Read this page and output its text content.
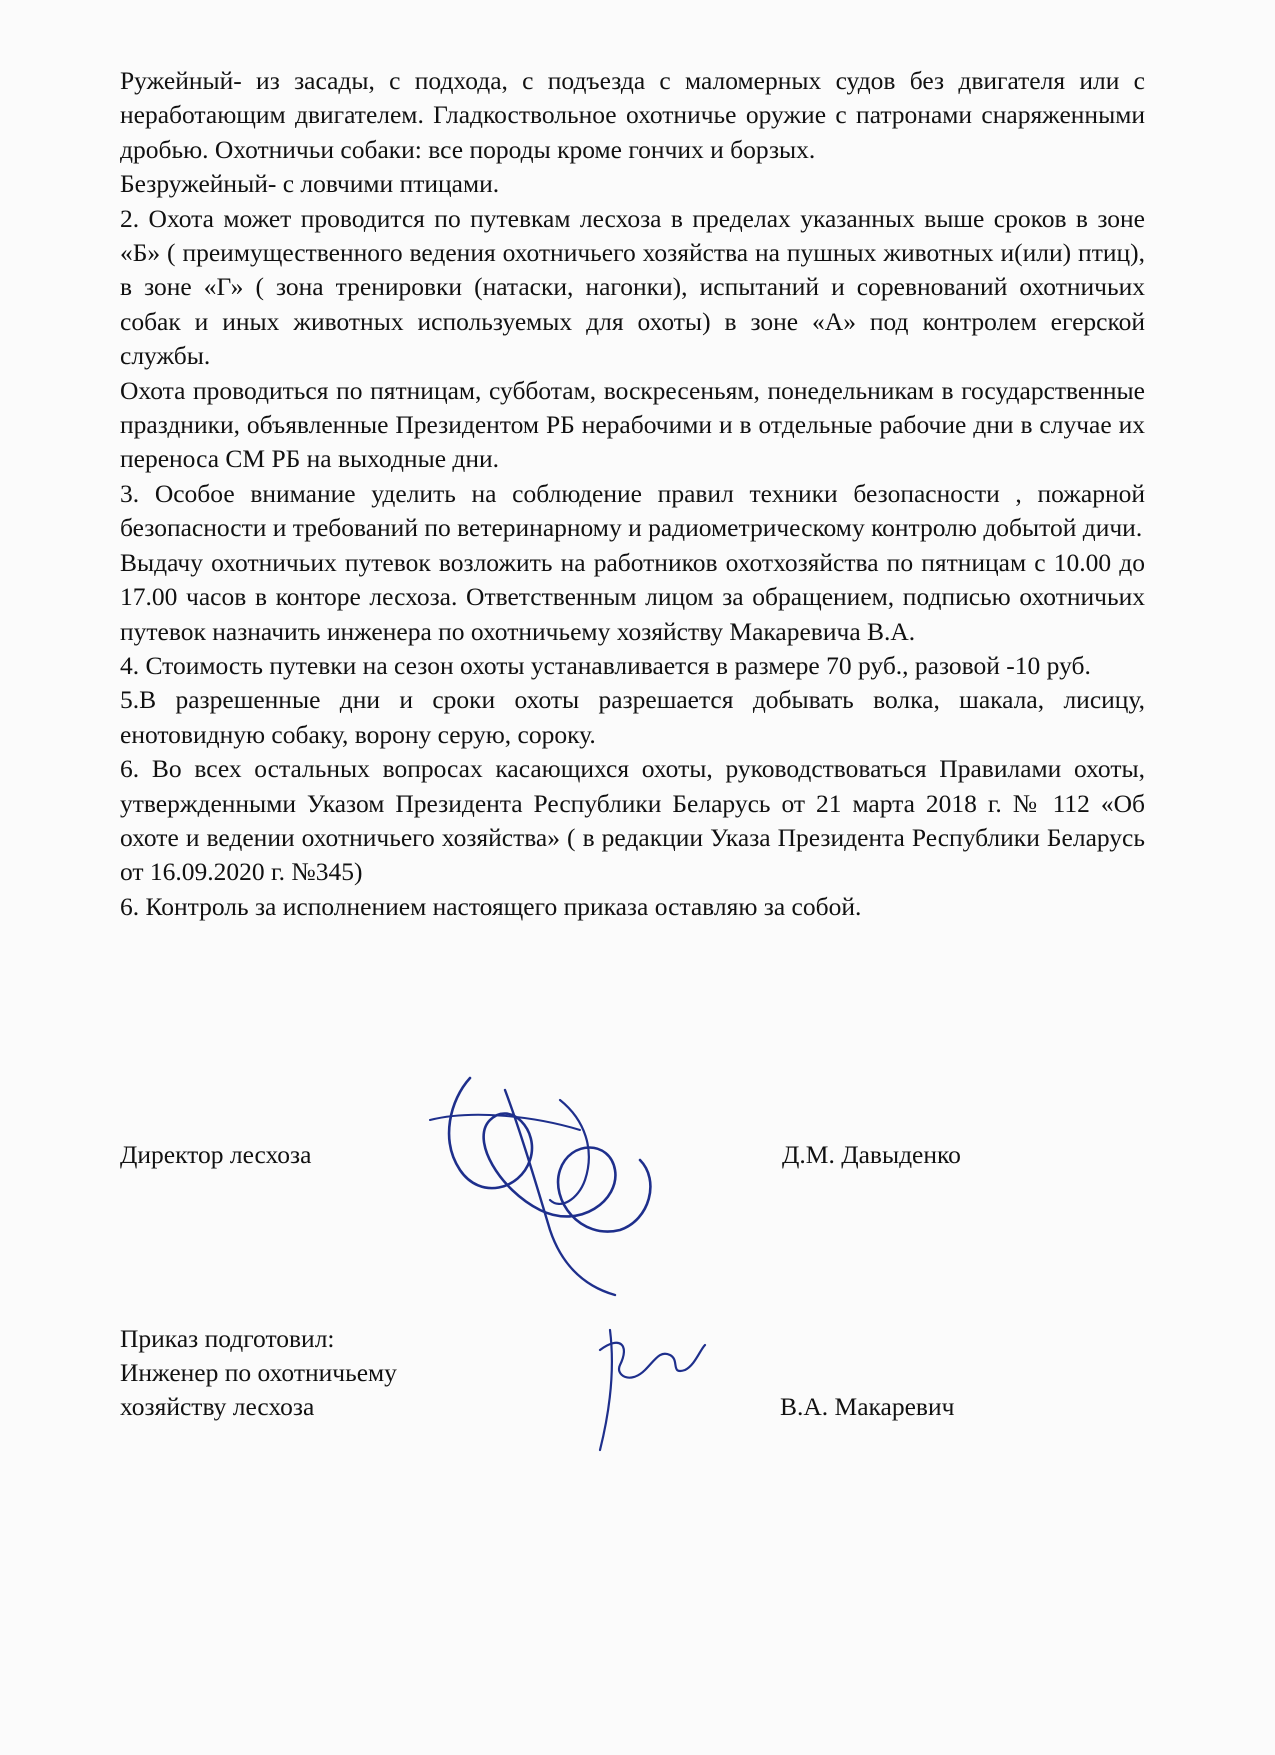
Ружейный- из засады, с подхода, с подъезда с маломерных судов без двигателя или с неработающим двигателем. Гладкоствольное охотничье оружие с патронами снаряженными дробью. Охотничьи собаки: все породы кроме гончих и борзых.

Безружейный- с ловчими птицами.

2. Охота может проводится по путевкам лесхоза в пределах указанных выше сроков в зоне «Б» ( преимущественного ведения охотничьего хозяйства на пушных животных и(или) птиц), в зоне «Г» ( зона тренировки (натаски, нагонки), испытаний и соревнований охотничьих собак и иных животных используемых для охоты) в зоне «А» под контролем егерской службы.

Охота проводиться по пятницам, субботам, воскресеньям, понедельникам в государственные праздники, объявленные Президентом РБ нерабочими и в отдельные рабочие дни в случае их переноса СМ РБ на выходные дни.

3. Особое внимание уделить на соблюдение правил техники безопасности , пожарной безопасности и требований по ветеринарному и радиометрическому контролю добытой дичи.

Выдачу охотничьих путевок возложить на работников охотхозяйства по пятницам с 10.00 до 17.00 часов в конторе лесхоза. Ответственным лицом за обращением, подписью охотничьих путевок назначить инженера по охотничьему хозяйству Макаревича В.А.

4. Стоимость путевки на сезон охоты устанавливается в размере 70 руб., разовой -10 руб.

5.В разрешенные дни и сроки охоты разрешается добывать волка, шакала, лисицу, енотовидную собаку, ворону серую, сороку.

6. Во всех остальных вопросах касающихся охоты, руководствоваться Правилами охоты, утвержденными Указом Президента Республики Беларусь от 21 марта 2018 г. № 112 «Об охоте и ведении охотничьего хозяйства» ( в редакции Указа Президента Республики Беларусь от 16.09.2020 г. №345)

6. Контроль за исполнением настоящего приказа оставляю за собой.

Директор лесхоза	Д.М. Давыденко
Приказ подготовил:
Инженер по охотничьему
хозяйству лесхоза	В.А. Макаревич
